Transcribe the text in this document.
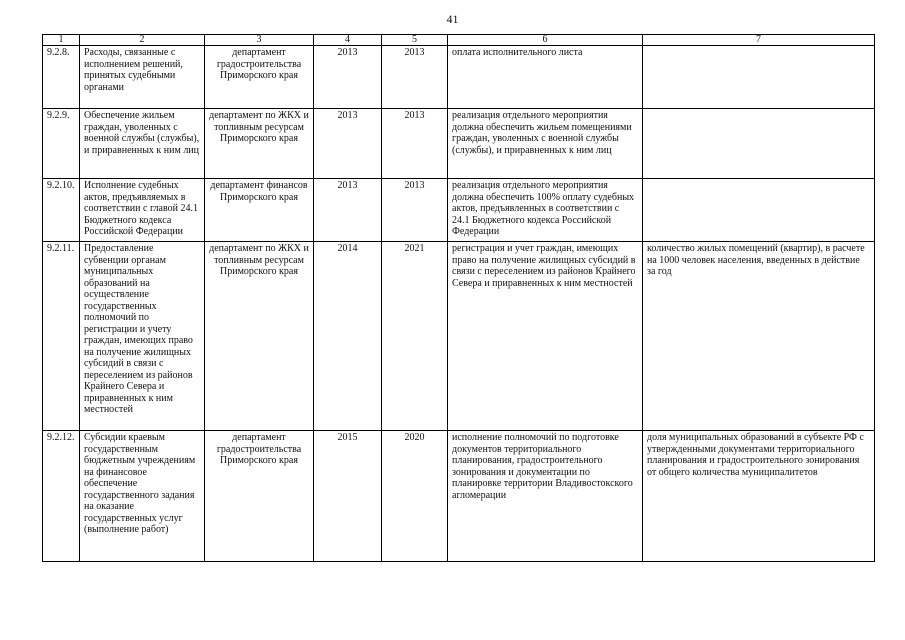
41
1	2	3	4	5	6	7
9.2.8.	Расходы, связанные с исполнением решений, принятых судебными органами	департамент градостроительства Приморского края	2013	2013	оплата исполнительного листа	
9.2.9.	Обеспечение жильем граждан, уволенных с военной службы (службы), и приравненных к ним лиц	департамент по ЖКХ и топливным ресурсам Приморского края	2013	2013	реализация отдельного мероприятия должна обеспечить жильем помещениями граждан, уволенных с военной службы (службы), и приравненных к ним лиц	
9.2.10.	Исполнение судебных актов, предъявляемых в соответствии с главой 24.1 Бюджетного кодекса Российской Федерации	департамент финансов Приморского края	2013	2013	реализация отдельного мероприятия должна обеспечить 100% оплату судебных актов, предъявленных в соответствии с 24.1 Бюджетного кодекса Российской Федерации	
9.2.11.	Предоставление субвенции органам муниципальных образований на осуществление государственных полномочий по регистрации и учету граждан, имеющих право на получение жилищных субсидий в связи с переселением из районов Крайнего Севера и приравненных к ним местностей	департамент по ЖКХ и топливным ресурсам Приморского края	2014	2021	регистрация и учет граждан, имеющих право на получение жилищных субсидий в связи с переселением из районов Крайнего Севера и приравненных к ним местностей	количество жилых помещений (квартир), в расчете на 1000 человек населения, введенных в действие за год
9.2.12.	Субсидии краевым государственным бюджетным учреждениям на финансовое обеспечение государственного задания на оказание государственных услуг (выполнение работ)	департамент градостроительства Приморского края	2015	2020	исполнение полномочий по подготовке документов территориального планирования, градостроительного зонирования и документации по планировке территории Владивостокского агломерации	доля муниципальных образований в субъекте РФ с утвержденными документами территориального планирования и градостроительного зонирования от общего количества муниципалитетов
